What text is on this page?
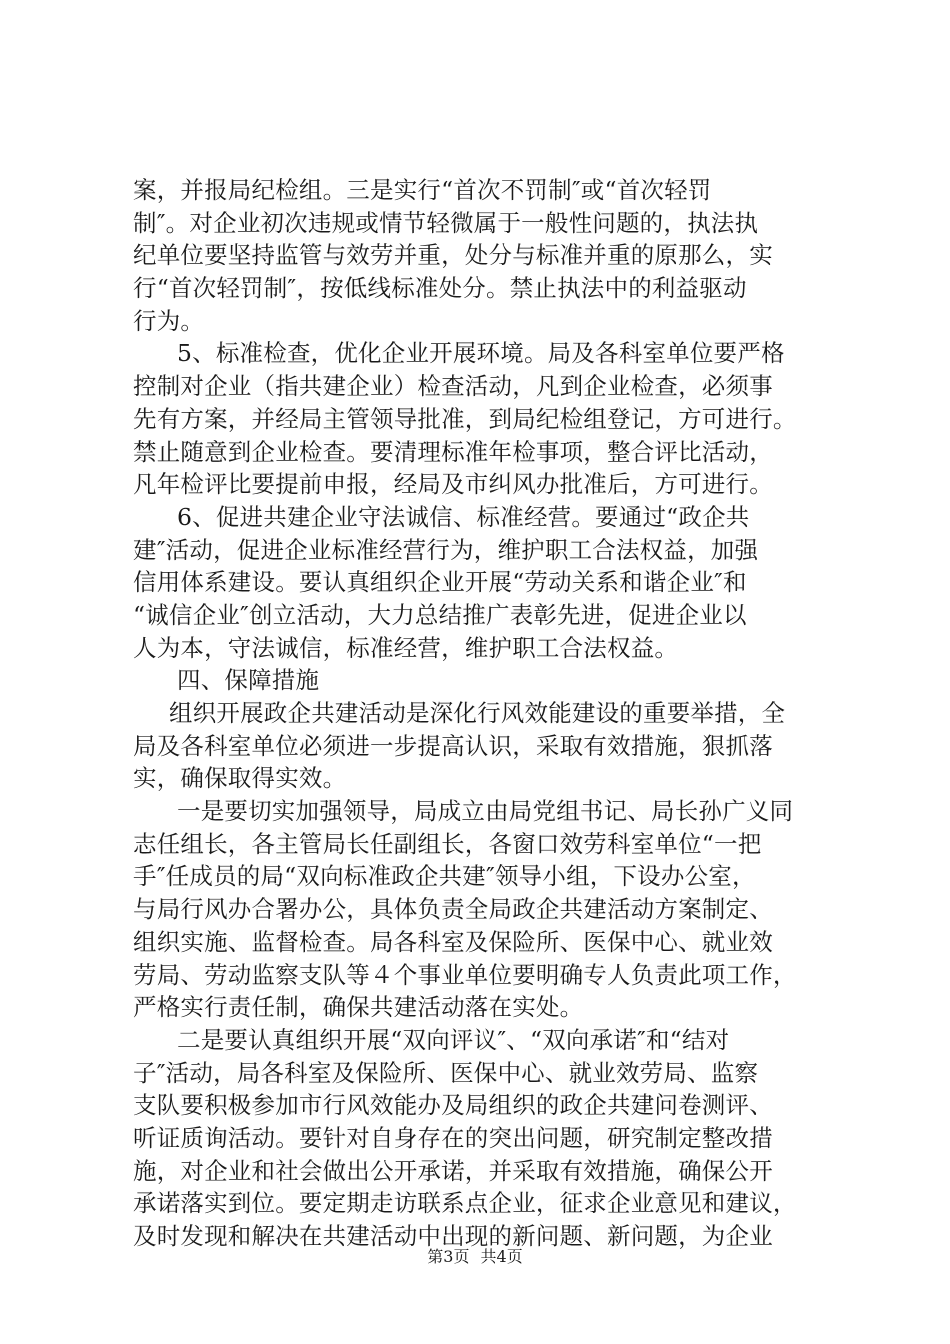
案，并报局纪检组。三是实行“首次不罚制″或“首次轻罚
制″。对企业初次违规或情节轻微属于一般性问题的，执法执
纪单位要坚持监管与效劳并重，处分与标准并重的原那么，实
行“首次轻罚制″，按低线标准处分。禁止执法中的利益驱动
行为。
5、标准检查，优化企业开展环境。局及各科室单位要严格
控制对企业（指共建企业）检查活动，凡到企业检查，必须事
先有方案，并经局主管领导批准，到局纪检组登记，方可进行。
禁止随意到企业检查。要清理标准年检事项，整合评比活动，
凡年检评比要提前申报，经局及市纠风办批准后，方可进行。
6、促进共建企业守法诚信、标准经营。要通过“政企共
建″活动，促进企业标准经营行为，维护职工合法权益，加强
信用体系建设。要认真组织企业开展“劳动关系和谐企业″和
“诚信企业″创立活动，大力总结推广表彰先进，促进企业以
人为本，守法诚信，标准经营，维护职工合法权益。
四、保障措施
组织开展政企共建活动是深化行风效能建设的重要举措，全
局及各科室单位必须进一步提高认识，采取有效措施，狠抓落
实，确保取得实效。
一是要切实加强领导，局成立由局党组书记、局长孙广义同
志任组长，各主管局长任副组长，各窗口效劳科室单位“一把
手″任成员的局“双向标准政企共建″领导小组，下设办公室，
与局行风办合署办公，具体负责全局政企共建活动方案制定、
组织实施、监督检查。局各科室及保险所、医保中心、就业效
劳局、劳动监察支队等４个事业单位要明确专人负责此项工作，
严格实行责任制，确保共建活动落在实处。
二是要认真组织开展“双向评议″、“双向承诺″和“结对
子″活动，局各科室及保险所、医保中心、就业效劳局、监察
支队要积极参加市行风效能办及局组织的政企共建问卷测评、
听证质询活动。要针对自身存在的突出问题，研究制定整改措
施，对企业和社会做出公开承诺，并采取有效措施，确保公开
承诺落实到位。要定期走访联系点企业，征求企业意见和建议，
及时发现和解决在共建活动中出现的新问题、新问题，为企业
第3页 共4页
